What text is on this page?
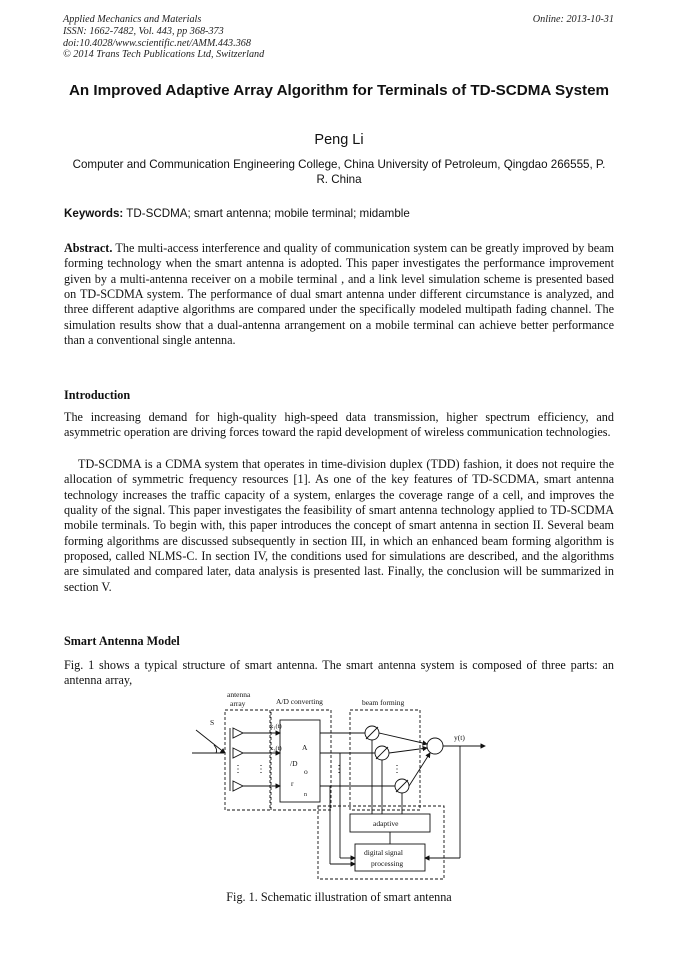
Applied Mechanics and Materials
ISSN: 1662-7482, Vol. 443, pp 368-373
doi:10.4028/www.scientific.net/AMM.443.368
© 2014 Trans Tech Publications Ltd, Switzerland
Online: 2013-10-31
An Improved Adaptive Array Algorithm for Terminals of TD-SCDMA System
Peng Li
Computer and Communication Engineering College, China University of Petroleum, Qingdao 266555, P. R. China
Keywords: TD-SCDMA; smart antenna; mobile terminal; midamble
Abstract. The multi-access interference and quality of communication system can be greatly improved by beam forming technology when the smart antenna is adopted. This paper investigates the performance improvement given by a multi-antenna receiver on a mobile terminal , and a link level simulation scheme is presented based on TD-SCDMA system. The performance of dual smart antenna under different circumstance is analyzed, and three different adaptive algorithms are compared under the specifically modeled multipath fading channel. The simulation results show that a dual-antenna arrangement on a mobile terminal can achieve better performance than a conventional single antenna.
Introduction
The increasing demand for high-quality high-speed data transmission, higher spectrum efficiency, and asymmetric operation are driving forces toward the rapid development of wireless communication technologies.
TD-SCDMA is a CDMA system that operates in time-division duplex (TDD) fashion, it does not require the allocation of symmetric frequency resources [1]. As one of the key features of TD-SCDMA, smart antenna technology increases the traffic capacity of a system, enlarges the coverage range of a cell, and improves the quality of the signal. This paper investigates the feasibility of smart antenna technology applied to TD-SCDMA mobile terminals. To begin with, this paper introduces the concept of smart antenna in section II. Several beam forming algorithms are discussed subsequently in section III, in which an enhanced beam forming algorithm is proposed, called NLMS-C. In section IV, the conditions used for simulations are described, and the algorithms are simulated and compared later, data analysis is presented last. Finally, the conclusion will be summarized in section V.
Smart Antenna Model
Fig. 1 shows a typical structure of smart antenna. The smart antenna system is composed of three parts: an antenna array,
antenna
array	A/D converting	beam forming
S	x₁(t)
x₂(t)	A
/D
o
r
n
y(t)
adaptive
digital signal
processing
⋮ ⋮	⋮	⋮
Fig. 1. Schematic illustration of smart antenna
